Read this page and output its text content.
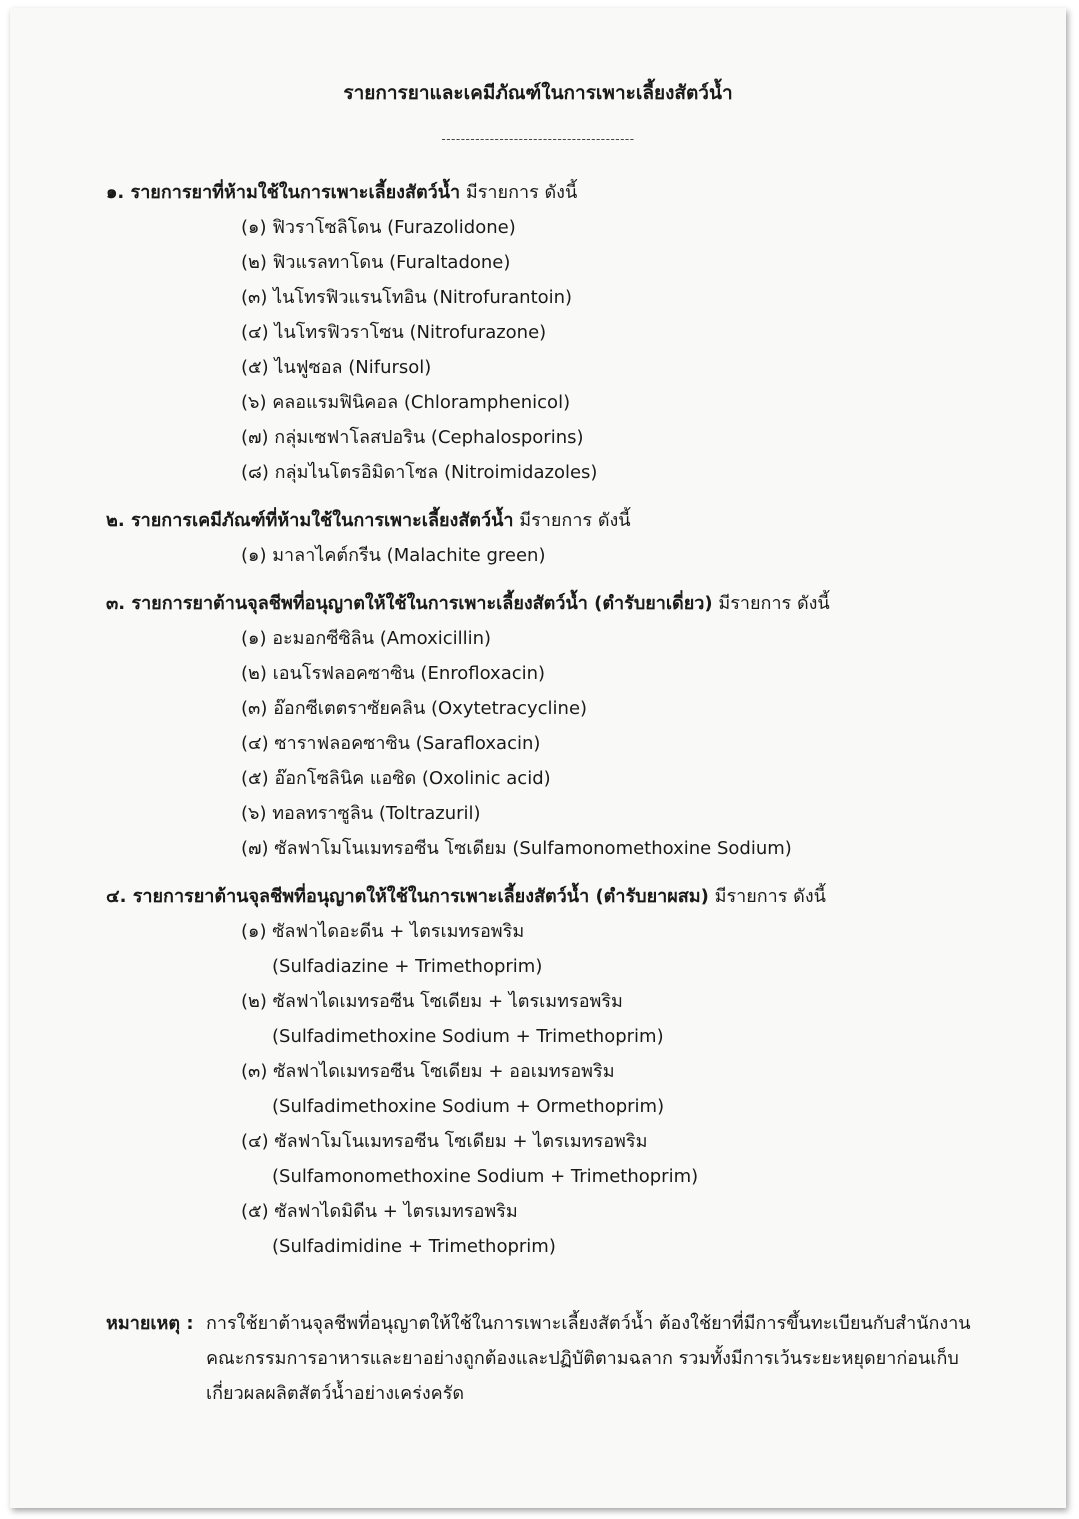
รายการยาและเคมีภัณฑ์ในการเพาะเลี้ยงสัตว์น้ำ
----------------------------------------
๑. รายการยาที่ห้ามใช้ในการเพาะเลี้ยงสัตว์น้ำ มีรายการ ดังนี้
(๑) ฟิวราโซลิโดน (Furazolidone)
(๒) ฟิวแรลทาโดน (Furaltadone)
(๓) ไนโทรฟิวแรนโทอิน (Nitrofurantoin)
(๔) ไนโทรฟิวราโซน (Nitrofurazone)
(๕) ไนฟูซอล (Nifursol)
(๖) คลอแรมฟินิคอล (Chloramphenicol)
(๗) กลุ่มเซฟาโลสปอริน (Cephalosporins)
(๘) กลุ่มไนโตรอิมิดาโซล (Nitroimidazoles)
๒. รายการเคมีภัณฑ์ที่ห้ามใช้ในการเพาะเลี้ยงสัตว์น้ำ มีรายการ ดังนี้
(๑) มาลาไคต์กรีน (Malachite green)
๓. รายการยาต้านจุลชีพที่อนุญาตให้ใช้ในการเพาะเลี้ยงสัตว์น้ำ (ตำรับยาเดี่ยว) มีรายการ ดังนี้
(๑) อะมอกซีซิลิน (Amoxicillin)
(๒) เอนโรฟลอคซาซิน (Enrofloxacin)
(๓) อ๊อกซีเตตราซัยคลิน (Oxytetracycline)
(๔) ซาราฟลอคซาซิน (Sarafloxacin)
(๕) อ๊อกโซลินิค แอซิด (Oxolinic acid)
(๖) ทอลทราซูลิน (Toltrazuril)
(๗) ซัลฟาโมโนเมทรอซีน โซเดียม (Sulfamonomethoxine Sodium)
๔. รายการยาต้านจุลชีพที่อนุญาตให้ใช้ในการเพาะเลี้ยงสัตว์น้ำ (ตำรับยาผสม) มีรายการ ดังนี้
(๑) ซัลฟาไดอะดีน + ไตรเมทรอพริม
(Sulfadiazine + Trimethoprim)
(๒) ซัลฟาไดเมทรอซีน โซเดียม + ไตรเมทรอพริม
(Sulfadimethoxine Sodium + Trimethoprim)
(๓) ซัลฟาไดเมทรอซีน โซเดียม + ออเมทรอพริม
(Sulfadimethoxine Sodium + Ormethoprim)
(๔) ซัลฟาโมโนเมทรอซีน โซเดียม + ไตรเมทรอพริม
(Sulfamonomethoxine Sodium + Trimethoprim)
(๕) ซัลฟาไดมิดีน + ไตรเมทรอพริม
(Sulfadimidine + Trimethoprim)
หมายเหตุ : การใช้ยาต้านจุลชีพที่อนุญาตให้ใช้ในการเพาะเลี้ยงสัตว์น้ำ ต้องใช้ยาที่มีการขึ้นทะเบียนกับสำนักงาน
คณะกรรมการอาหารและยาอย่างถูกต้องและปฏิบัติตามฉลาก รวมทั้งมีการเว้นระยะหยุดยาก่อนเก็บ
เกี่ยวผลผลิตสัตว์น้ำอย่างเคร่งครัด
